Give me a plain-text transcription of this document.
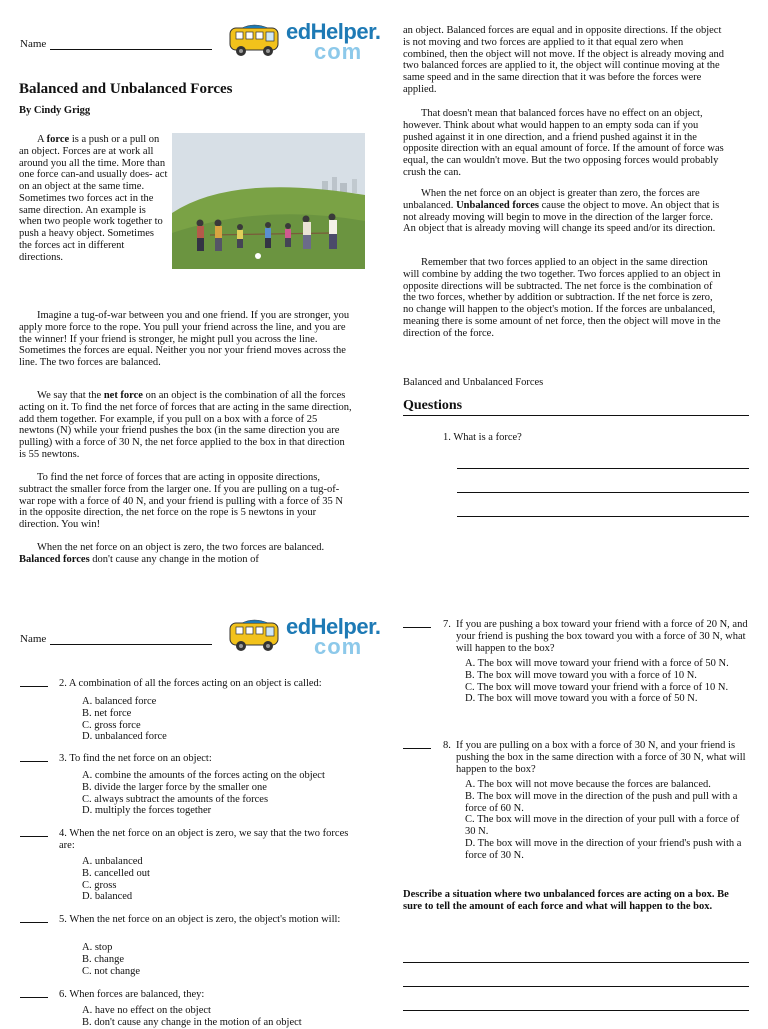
Name	edHelper.
com
Balanced and Unbalanced Forces
By Cindy Grigg

A force is a push or a pull on an object. Forces are at work all around you all the time. More than one force can-and usually does- act on an object at the same time. Sometimes two forces act in the same direction. An example is when two people work together to push a heavy object. Sometimes the forces act in different directions.

Imagine a tug-of-war between you and one friend. If you are stronger, you apply more force to the rope. You pull your friend across the line, and you are the winner! If your friend is stronger, he might pull you across the line. Sometimes the forces are equal. Neither you nor your friend moves across the line. The two forces are balanced.

We say that the net force on an object is the combination of all the forces acting on it. To find the net force of forces that are acting in the same direction, add them together. For example, if you pull on a box with a force of 25 newtons (N) while your friend pushes the box (in the same direction you are pulling) with a force of 30 N, the net force applied to the box in that direction is 55 newtons.

To find the net force of forces that are acting in opposite directions, subtract the smaller force from the larger one. If you are pulling on a tug-of-war rope with a force of 40 N, and your friend is pulling with a force of 35 N in the opposite direction, the net force on the rope is 5 newtons in your direction. You win!

When the net force on an object is zero, the two forces are balanced. Balanced forces don't cause any change in the motion of

an object. Balanced forces are equal and in opposite directions. If the object is not moving and two forces are applied to it that equal zero when combined, then the object will not move. If the object is already moving and two balanced forces are applied to it, the object will continue moving at the same speed and in the same direction that it was before the forces were applied.

That doesn't mean that balanced forces have no effect on an object, however. Think about what would happen to an empty soda can if you pushed against it in one direction, and a friend pushed against it in the opposite direction with an equal amount of force. If the amount of force was equal, the can wouldn't move. But the two opposing forces would probably crush the can.

When the net force on an object is greater than zero, the forces are unbalanced. Unbalanced forces cause the object to move. An object that is not already moving will begin to move in the direction of the larger force. An object that is already moving will change its speed and/or its direction.

Remember that two forces applied to an object in the same direction will combine by adding the two together. Two forces applied to an object in opposite directions will be subtracted. The net force is the combination of the two forces, whether by addition or subtraction. If the net force is zero, no change will happen to the object's motion. If the forces are unbalanced, meaning there is some amount of net force, then the object will move in the direction of the force.

Balanced and Unbalanced Forces
Questions
1. What is a force?
Name	edHelper.
com
2. A combination of all the forces acting on an object is called:
A. balanced force
B. net force
C. gross force
D. unbalanced force
3. To find the net force on an object:
A. combine the amounts of the forces acting on the object
B. divide the larger force by the smaller one
C. always subtract the amounts of the forces
D. multiply the forces together
4. When the net force on an object is zero, we say that the two forces are:
A. unbalanced
B. cancelled out
C. gross
D. balanced
5. When the net force on an object is zero, the object's motion will:
A. stop
B. change
C. not change
6. When forces are balanced, they:
A. have no effect on the object
B. don't cause any change in the motion of an object
7. If you are pushing a box toward your friend with a force of 20 N, and your friend is pushing the box toward you with a force of 30 N, what will happen to the box?
A. The box will move toward your friend with a force of 50 N.
B. The box will move toward you with a force of 10 N.
C. The box will move toward your friend with a force of 10 N.
D. The box will move toward you with a force of 50 N.
8. If you are pulling on a box with a force of 30 N, and your friend is pushing the box in the same direction with a force of 30 N, what will happen to the box?
A. The box will not move because the forces are balanced.
B. The box will move in the direction of the push and pull with a force of 60 N.
C. The box will move in the direction of your pull with a force of 30 N.
D. The box will move in the direction of your friend's push with a force of 30 N.

Describe a situation where two unbalanced forces are acting on a box. Be sure to tell the amount of each force and what will happen to the box.
